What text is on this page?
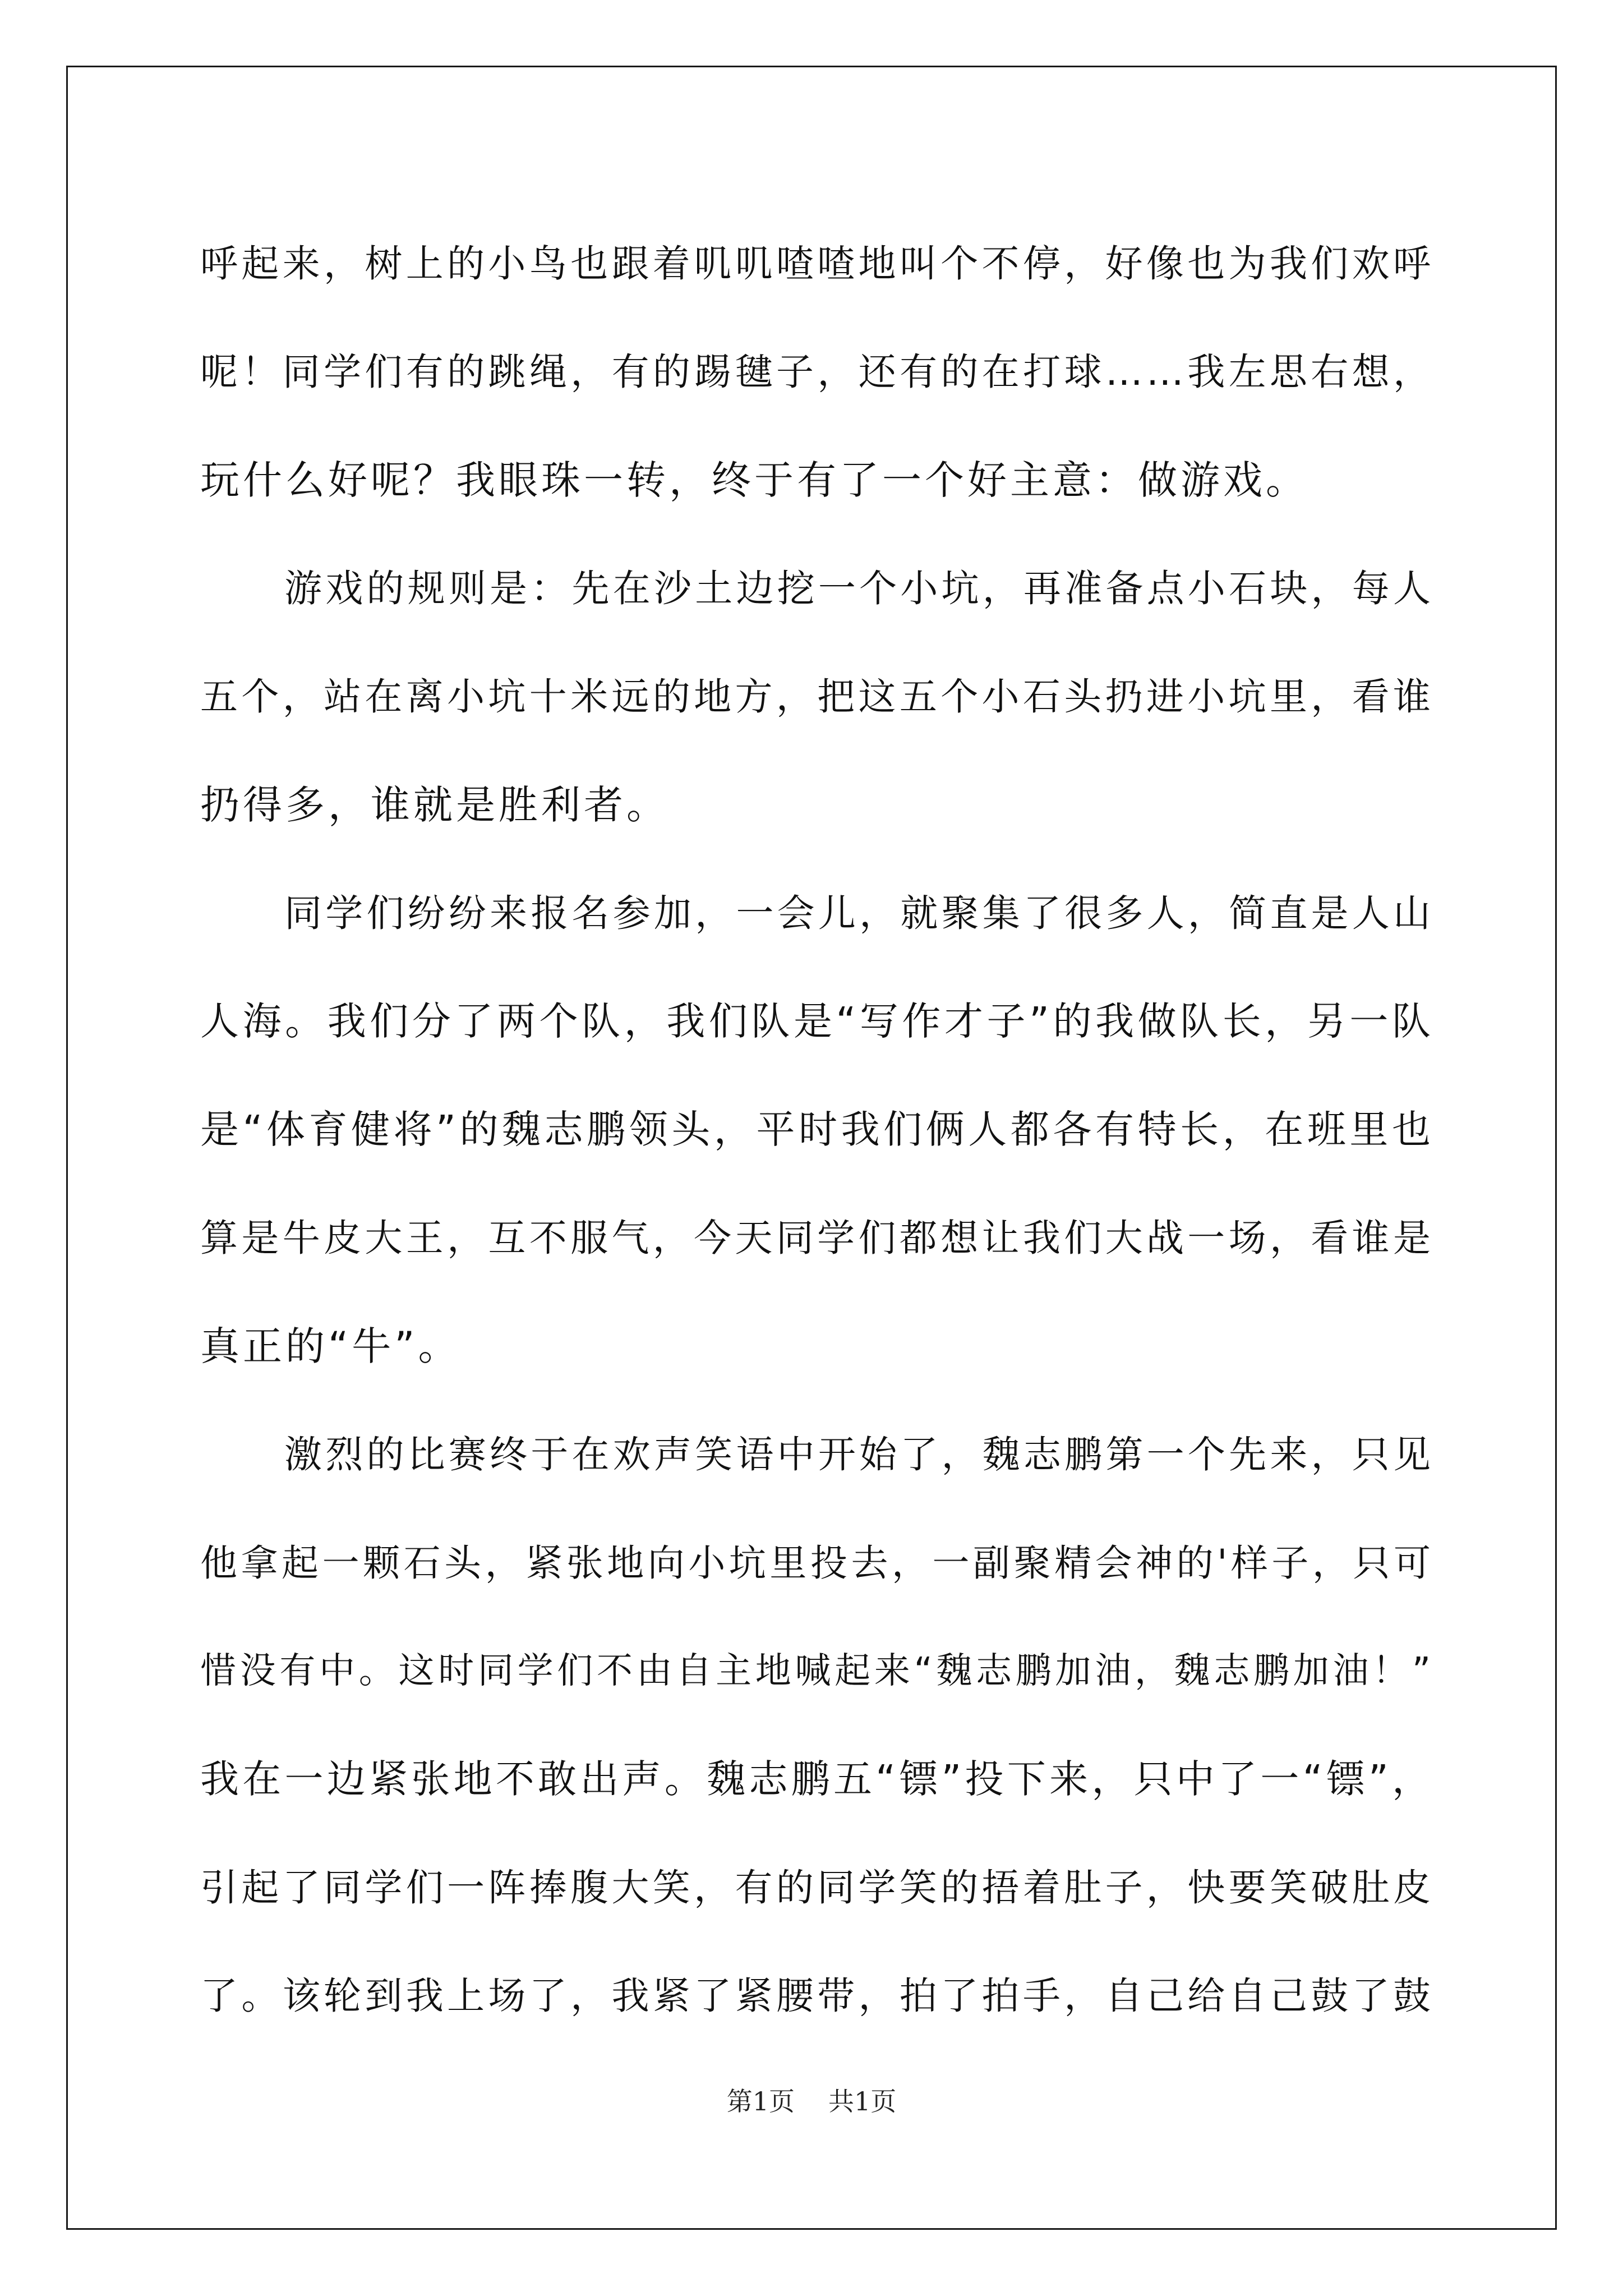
呼起来，树上的小鸟也跟着叽叽喳喳地叫个不停，好像也为我们欢呼
呢！同学们有的跳绳，有的踢毽子，还有的在打球……我左思右想，
玩什么好呢？我眼珠一转，终于有了一个好主意：做游戏。
游戏的规则是：先在沙土边挖一个小坑，再准备点小石块，每人
五个，站在离小坑十米远的地方，把这五个小石头扔进小坑里，看谁
扔得多，谁就是胜利者。
同学们纷纷来报名参加，一会儿，就聚集了很多人，简直是人山
人海。我们分了两个队，我们队是“写作才子”的我做队长，另一队
是“体育健将”的魏志鹏领头，平时我们俩人都各有特长，在班里也
算是牛皮大王，互不服气，今天同学们都想让我们大战一场，看谁是
真正的“牛”。
激烈的比赛终于在欢声笑语中开始了，魏志鹏第一个先来，只见
他拿起一颗石头，紧张地向小坑里投去，一副聚精会神的'样子，只可
惜没有中。这时同学们不由自主地喊起来“魏志鹏加油，魏志鹏加油！”
我在一边紧张地不敢出声。魏志鹏五“镖”投下来，只中了一“镖”，
引起了同学们一阵捧腹大笑，有的同学笑的捂着肚子，快要笑破肚皮
了。该轮到我上场了，我紧了紧腰带，拍了拍手，自己给自己鼓了鼓
第1页 共1页
